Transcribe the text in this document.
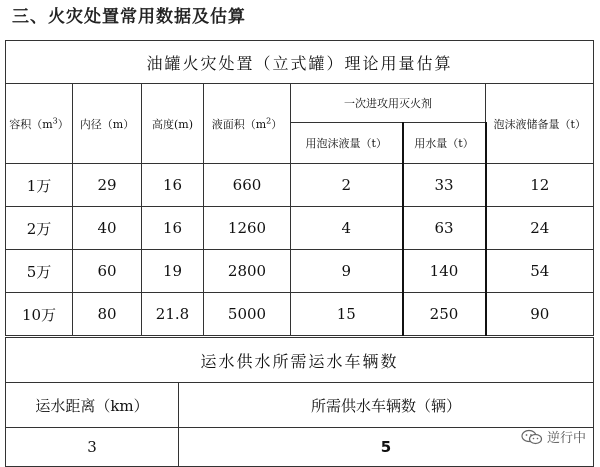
三、火灾处置常用数据及估算
油罐火灾处置（立式罐）理论用量估算						
容积$(m^3)$	内径（m）	高度(m)	液面积$(m^2)$	一次进攻用灭火剂		泡沫液储备量（t）
				用泡沫液量（t）	用水量（t）	
1万	29	16	660	2	33	12
2万	40	16	1260	4	63	24
5万	60	19	2800	9	140	54
10万	80	21.8	5000	15	250	90
运水供水所需运水车辆数	
运水距离（km）	所需供水车辆数（辆）
3	5	逆行中
